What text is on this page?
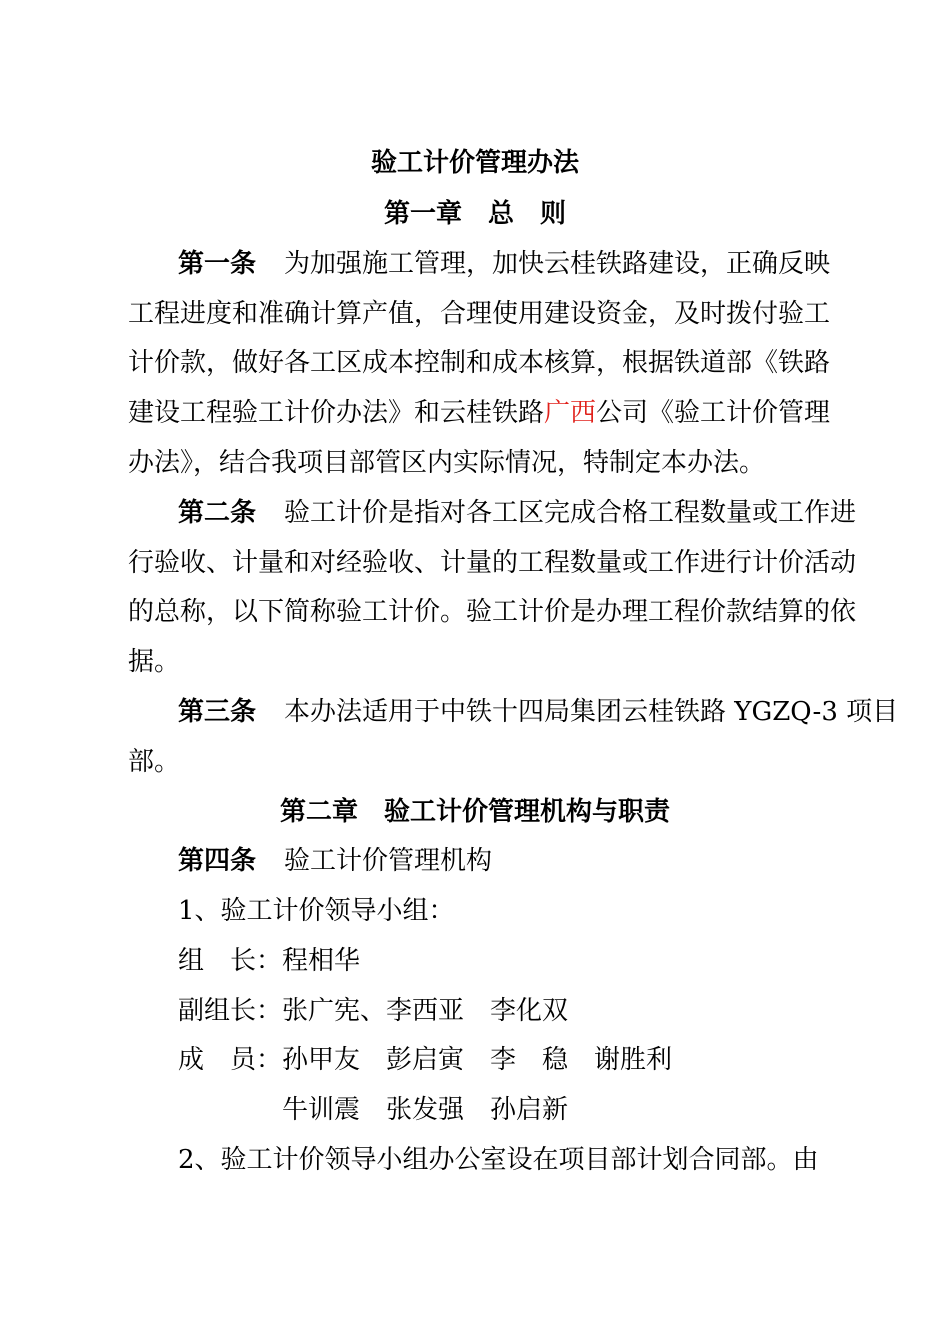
验工计价管理办法
第一章　总　则
第一条 为加强施工管理，加快云桂铁路建设，正确反映
工程进度和准确计算产值，合理使用建设资金，及时拨付验工
计价款，做好各工区成本控制和成本核算，根据铁道部《铁路
建设工程验工计价办法》和云桂铁路广西公司《验工计价管理
办法》，结合我项目部管区内实际情况，特制定本办法。
第二条 验工计价是指对各工区完成合格工程数量或工作进
行验收、计量和对经验收、计量的工程数量或工作进行计价活动
的总称，以下简称验工计价。验工计价是办理工程价款结算的依
据。
第三条 本办法适用于中铁十四局集团云桂铁路 YGZQ-3 项目
部。
第二章　验工计价管理机构与职责
第四条 验工计价管理机构
1、验工计价领导小组：
组　长：程相华
副组长：张广宪、李西亚　李化双
成　员：孙甲友　彭启寅　李　稳　谢胜利
牛训震　张发强　孙启新
2、验工计价领导小组办公室设在项目部计划合同部。由
